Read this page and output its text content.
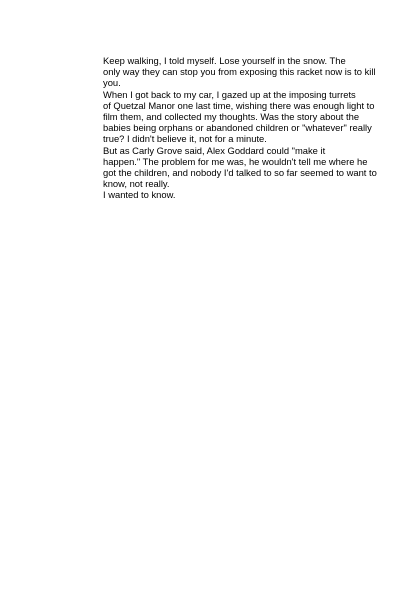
Keep walking, I told myself. Lose yourself in the snow. The
only way they can stop you from exposing this racket now is to kill
you.

When I got back to my car, I gazed up at the imposing turrets
of Quetzal Manor one last time, wishing there was enough light to
film them, and collected my thoughts. Was the story about the
babies being orphans or abandoned children or "whatever" really
true? I didn't believe it, not for a minute.

But as Carly Grove said, Alex Goddard could "make it
happen." The problem for me was, he wouldn't tell me where he
got the children, and nobody I'd talked to so far seemed to want to
know, not really.

I wanted to know.
